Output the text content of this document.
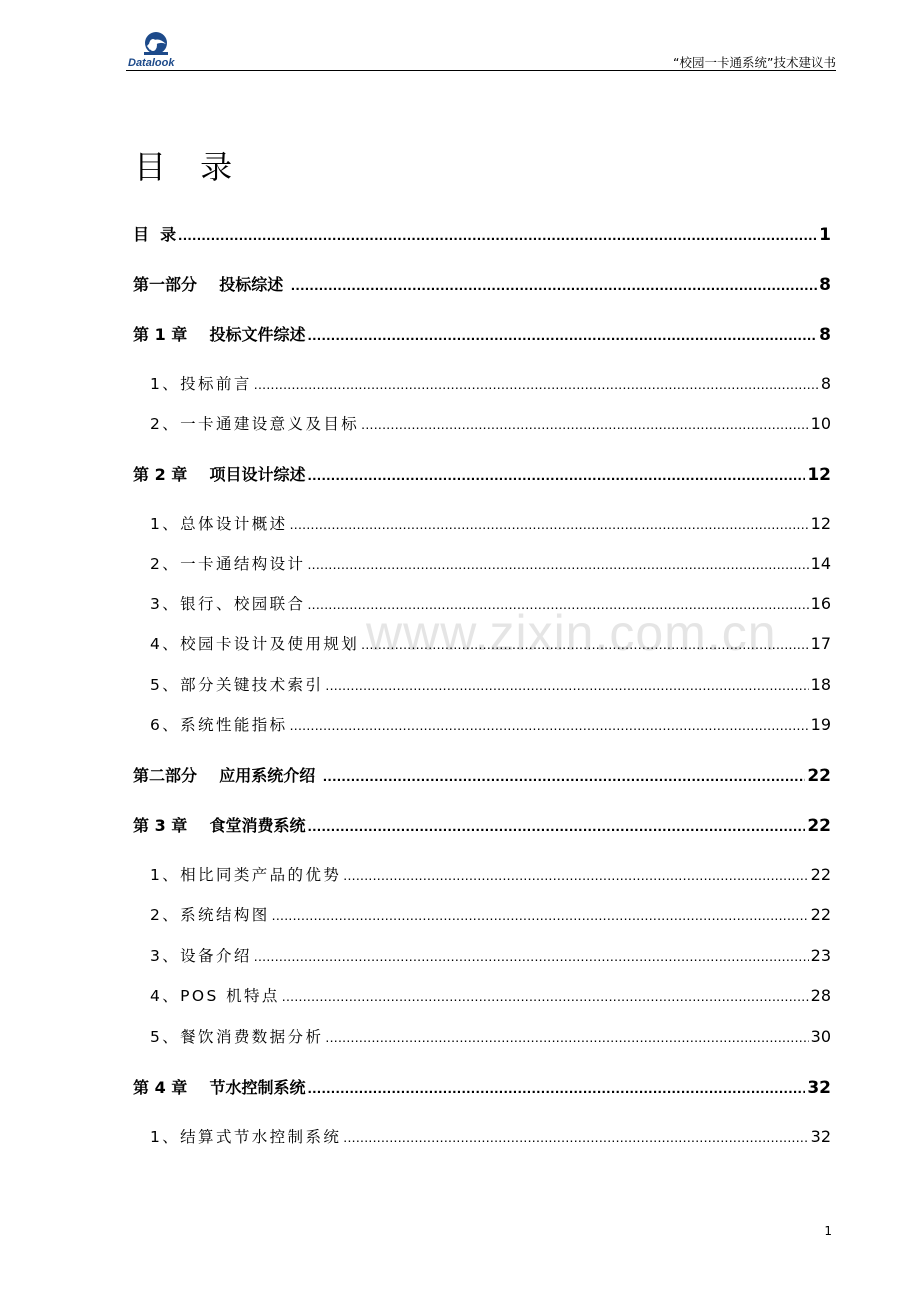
Datalook	“校园一卡通系统”技术建议书
目 录
www.zixin.com.cn
目  录 .....	1
第一部分    投标综述 .....	8
第 1 章    投标文件综述 .....	8
1、投标前言 .....	8
2、一卡通建设意义及目标 .....	10
第 2 章    项目设计综述 .....	12
1、总体设计概述 .....	12
2、一卡通结构设计 .....	14
3、银行、校园联合 .....	16
4、校园卡设计及使用规划 .....	17
5、部分关键技术索引 .....	18
6、系统性能指标 .....	19
第二部分    应用系统介绍 .....	22
第 3 章    食堂消费系统 .....	22
1、相比同类产品的优势 .....	22
2、系统结构图 .....	22
3、设备介绍 .....	23
4、POS 机特点 .....	28
5、餐饮消费数据分析 .....	30
第 4 章    节水控制系统 .....	32
1、结算式节水控制系统 .....	32
1
